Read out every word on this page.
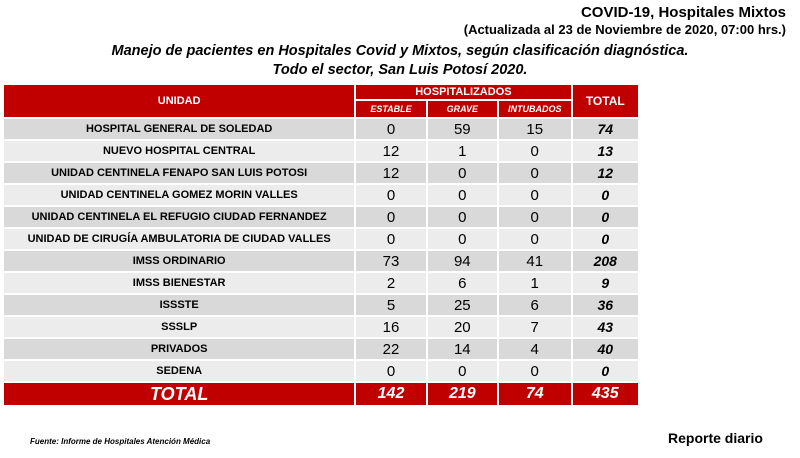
COVID-19, Hospitales Mixtos
(Actualizada al 23 de Noviembre de 2020, 07:00 hrs.)
Manejo de pacientes en Hospitales Covid y Mixtos, según clasificación diagnóstica.
Todo el sector, San Luis Potosí 2020.
UNIDAD	HOSPITALIZADOS			TOTAL
	ESTABLE	GRAVE	INTUBADOS	
HOSPITAL GENERAL DE SOLEDAD	0	59	15	74
NUEVO HOSPITAL CENTRAL	12	1	0	13
UNIDAD CENTINELA FENAPO SAN LUIS POTOSI	12	0	0	12
UNIDAD CENTINELA GOMEZ MORIN VALLES	0	0	0	0
UNIDAD CENTINELA EL REFUGIO CIUDAD FERNANDEZ	0	0	0	0
UNIDAD DE CIRUGÍA AMBULATORIA DE CIUDAD VALLES	0	0	0	0
IMSS ORDINARIO	73	94	41	208
IMSS BIENESTAR	2	6	1	9
ISSSTE	5	25	6	36
SSSLP	16	20	7	43
PRIVADOS	22	14	4	40
SEDENA	0	0	0	0
TOTAL	142	219	74	435
Fuente: Informe de Hospitales Atención Médica	Reporte diario
